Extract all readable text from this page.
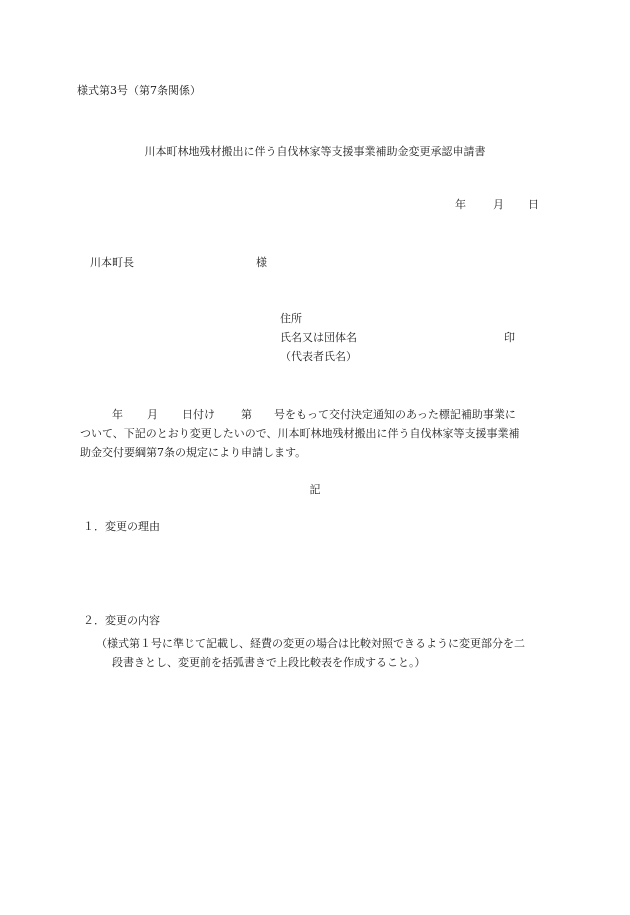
様式第3号（第7条関係）
川本町林地残材搬出に伴う自伐林家等支援事業補助金変更承認申請書
年 月 日
川本町長	様
住所
氏名又は団体名	印
（代表者氏名）
年 月 日付け 第 号をもって交付決定通知のあった標記補助事業に
ついて、下記のとおり変更したいので、川本町林地残材搬出に伴う自伐林家等支援事業補
助金交付要綱第7条の規定により申請します。
記
１．変更の理由
２．変更の内容
（様式第１号に準じて記載し、経費の変更の場合は比較対照できるように変更部分を二
段書きとし、変更前を括弧書きで上段比較表を作成すること。）
